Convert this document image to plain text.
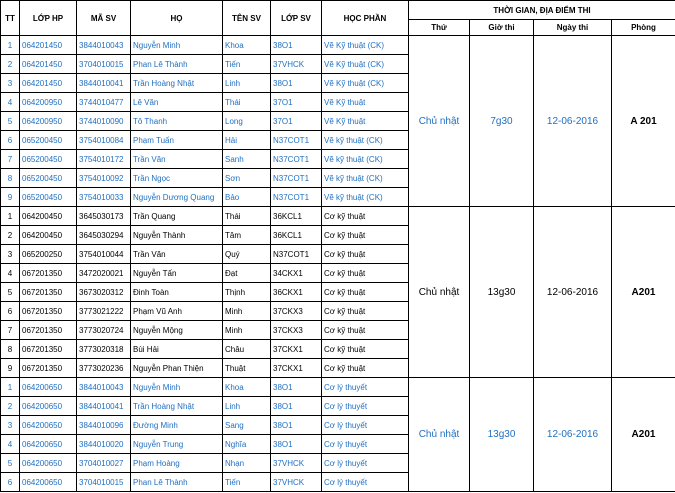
TT	LỚP HP	MÃ SV	HỌ	TÊN SV	LỚP SV	HỌC PHẦN	THỜI GIAN, ĐỊA ĐIỂM THI			
							Thứ	Giờ thi	Ngày thi	Phòng
1	064201450	3844010043	Nguyễn Minh	Khoa	38O1	Vẽ Kỹ thuật (CK)	Chủ nhật	7g30	12-06-2016	A 201
2	064201450	3704010015	Phan Lê Thành	Tiến	37VHCK	Vẽ Kỹ thuật (CK)				
3	064201450	3844010041	Trần Hoàng Nhật	Linh	38O1	Vẽ Kỹ thuật (CK)				
4	064200950	3744010477	Lê Văn	Thái	37O1	Vẽ Kỹ thuật				
5	064200950	3744010090	Tô Thanh	Long	37O1	Vẽ Kỹ thuật				
6	065200450	3754010084	Phạm Tuấn	Hải	N37COT1	Vẽ kỹ thuật (CK)				
7	065200450	3754010172	Trần Văn	Sanh	N37COT1	Vẽ kỹ thuật (CK)				
8	065200450	3754010092	Trần Ngọc	Sơn	N37COT1	Vẽ kỹ thuật (CK)				
9	065200450	3754010033	Nguyễn Dương Quang	Bảo	N37COT1	Vẽ kỹ thuật (CK)				
1	064200450	3645030173	Trần Quang	Thái	36KCL1	Cơ kỹ thuật	Chủ nhật	13g30	12-06-2016	A201
2	064200450	3645030294	Nguyễn Thành	Tâm	36KCL1	Cơ kỹ thuật				
3	065200250	3754010044	Trần Văn	Quý	N37COT1	Cơ kỹ thuật				
4	067201350	3472020021	Nguyễn Tấn	Đạt	34CKX1	Cơ kỹ thuật				
5	067201350	3673020312	Đinh Toàn	Thịnh	36CKX1	Cơ kỹ thuật				
6	067201350	3773021222	Phạm Vũ Anh	Minh	37CKX3	Cơ kỹ thuật				
7	067201350	3773020724	Nguyễn Mộng	Minh	37CKX3	Cơ kỹ thuật				
8	067201350	3773020318	Bùi Hải	Châu	37CKX1	Cơ kỹ thuật				
9	067201350	3773020236	Nguyễn Phan Thiện	Thuật	37CKX1	Cơ kỹ thuật				
1	064200650	3844010043	Nguyễn Minh	Khoa	38O1	Cơ lý thuyết	Chủ nhật	13g30	12-06-2016	A201
2	064200650	3844010041	Trần Hoàng Nhật	Linh	38O1	Cơ lý thuyết				
3	064200650	3844010096	Đường Minh	Sang	38O1	Cơ lý thuyết				
4	064200650	3844010020	Nguyễn Trung	Nghĩa	38O1	Cơ lý thuyết				
5	064200650	3704010027	Phạm Hoàng	Nhạn	37VHCK	Cơ lý thuyết				
6	064200650	3704010015	Phan Lê Thành	Tiến	37VHCK	Cơ lý thuyết				
